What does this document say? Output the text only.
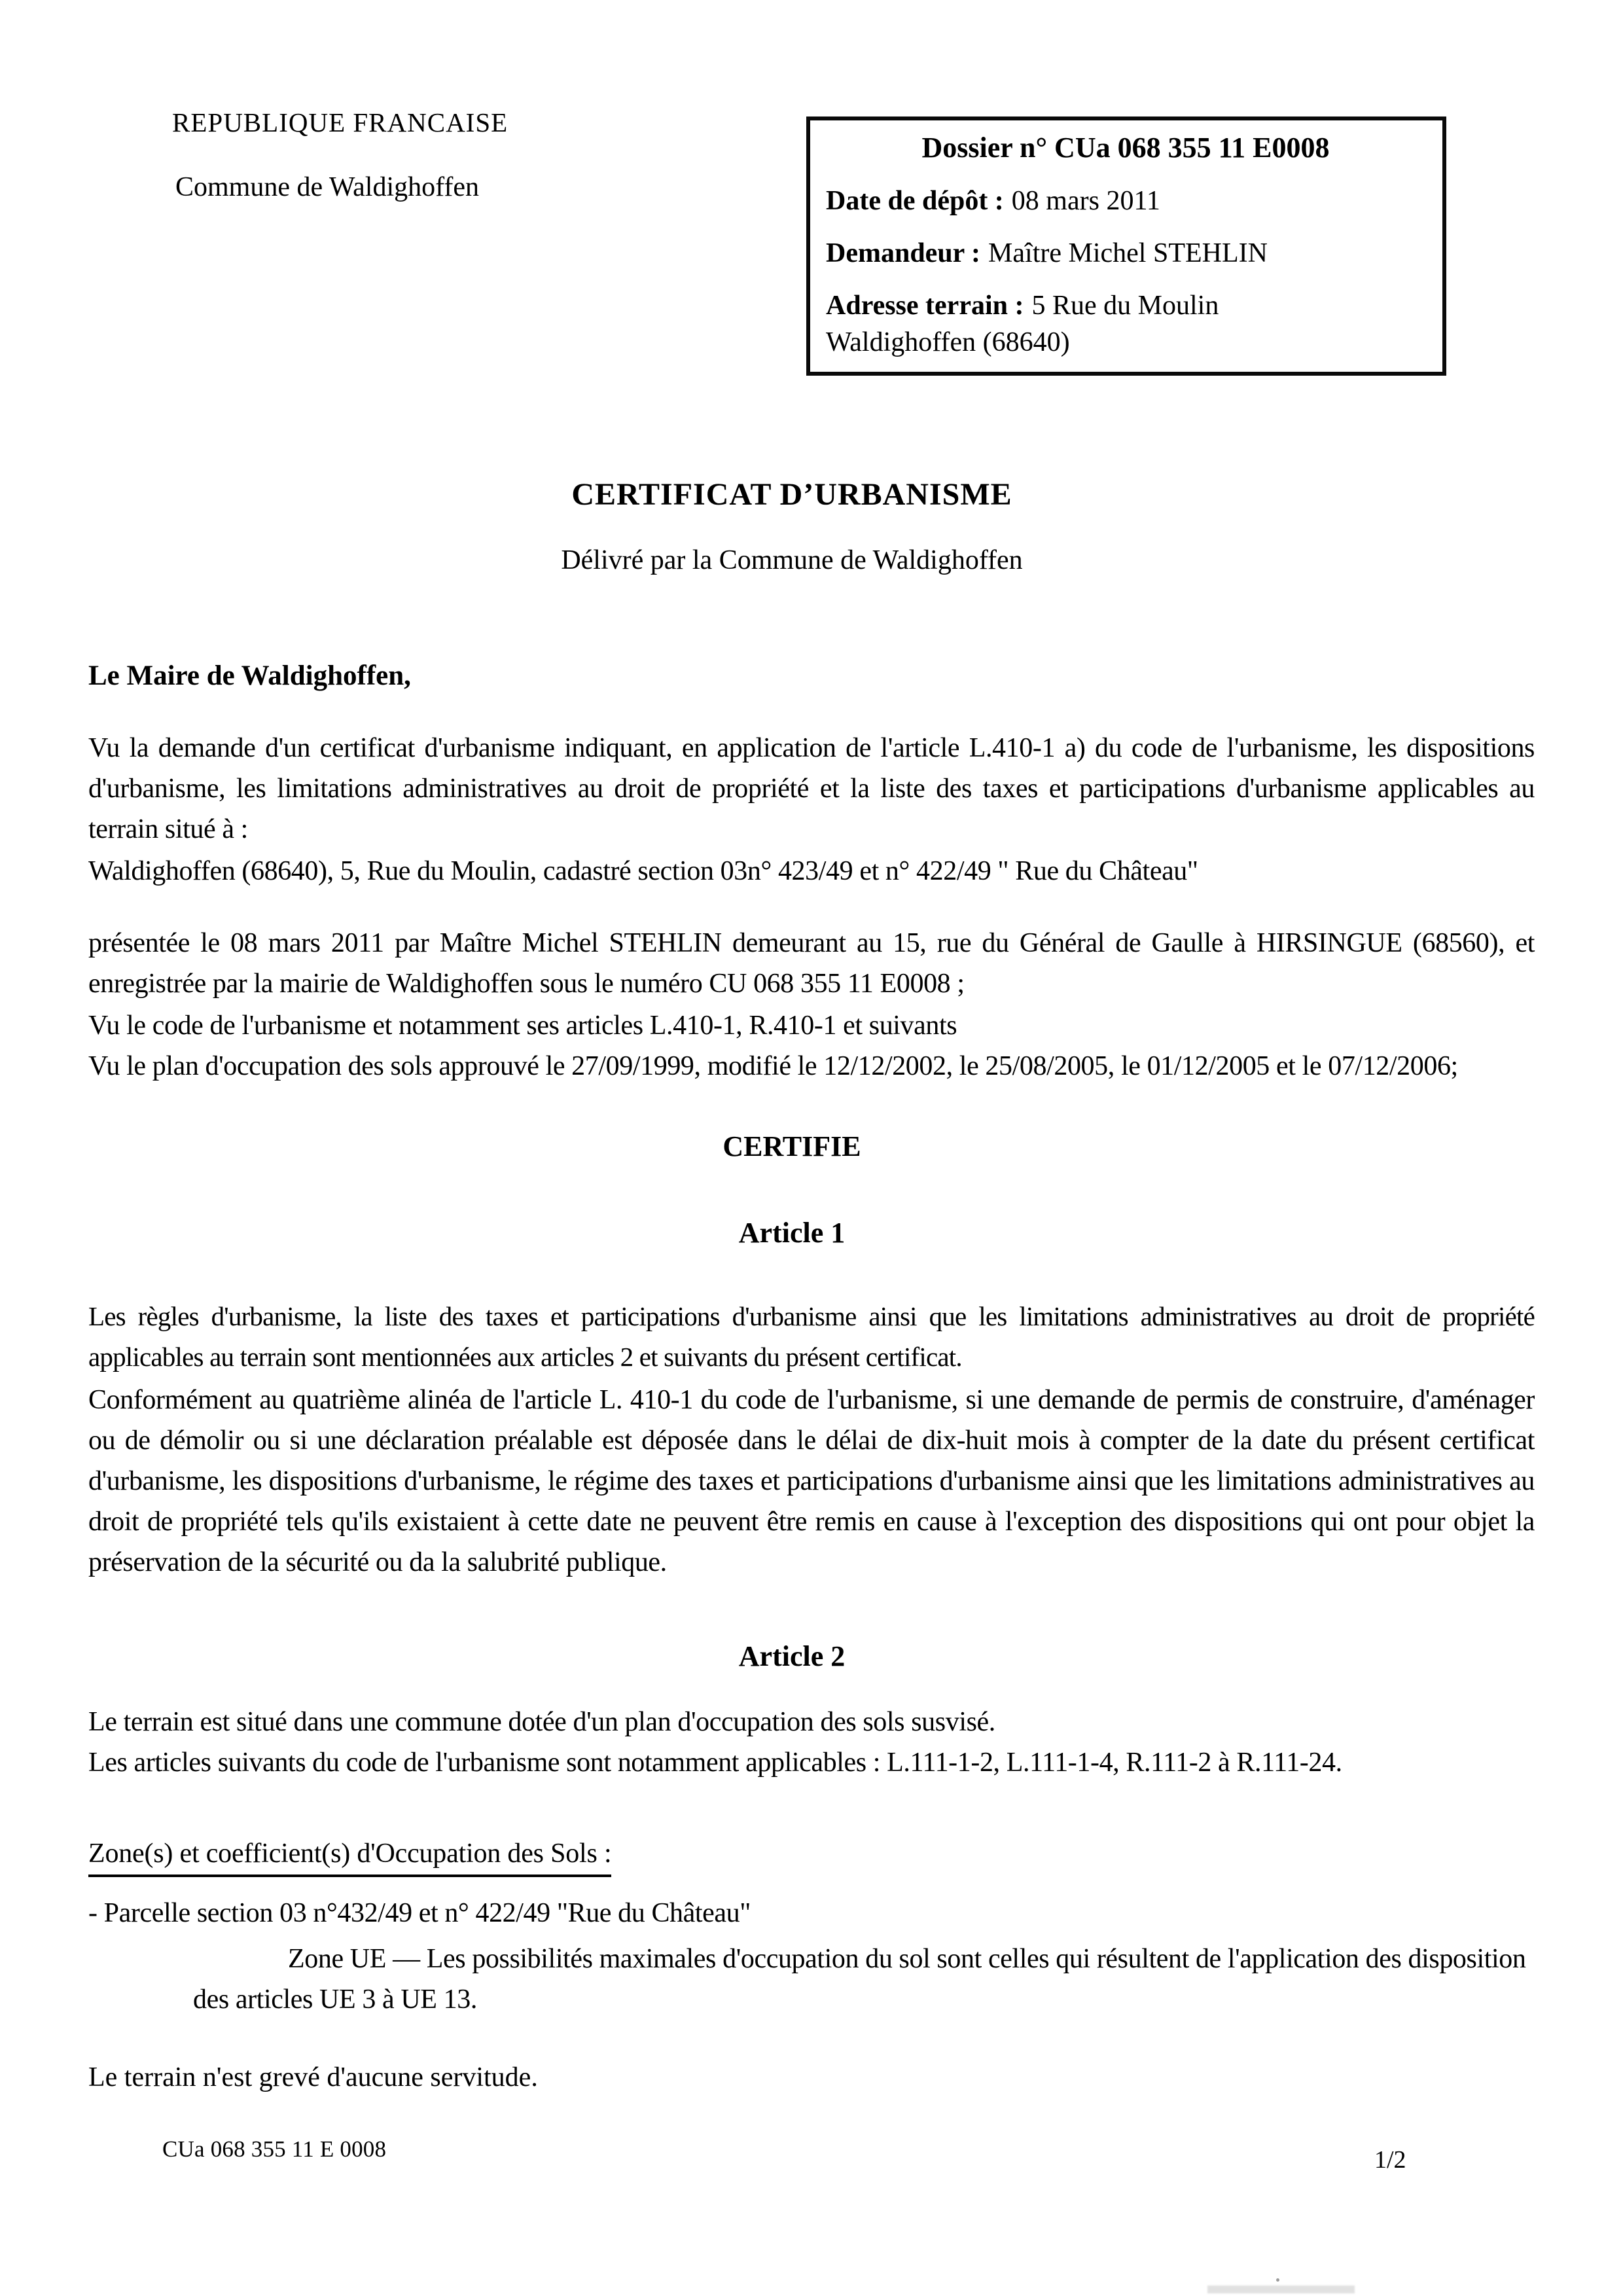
REPUBLIQUE FRANCAISE
Commune de Waldighoffen
Dossier n° CUa 068 355 11 E0008
Date de dépôt : 08 mars 2011
Demandeur : Maître Michel STEHLIN
Adresse terrain : 5 Rue du Moulin
Waldighoffen (68640)
CERTIFICAT D’URBANISME
Délivré par la Commune de Waldighoffen
Le Maire de Waldighoffen,
Vu la demande d'un certificat d'urbanisme indiquant, en application de l'article L.410-1 a) du code de l'urbanisme, les dispositions d'urbanisme, les limitations administratives au droit de propriété et la liste des taxes et participations d'urbanisme applicables au terrain situé à :
Waldighoffen (68640), 5, Rue du Moulin, cadastré section 03n° 423/49 et n° 422/49 " Rue du Château"
présentée le 08 mars 2011 par Maître Michel STEHLIN demeurant au 15, rue du Général de Gaulle à HIRSINGUE (68560), et enregistrée par la mairie de Waldighoffen sous le numéro CU 068 355 11 E0008 ;

Vu le code de l'urbanisme et notamment ses articles L.410-1, R.410-1 et suivants

Vu le plan d'occupation des sols approuvé le 27/09/1999, modifié le 12/12/2002, le 25/08/2005, le 01/12/2005 et le 07/12/2006;

CERTIFIE
Article 1
Les règles d'urbanisme, la liste des taxes et participations d'urbanisme ainsi que les limitations administratives au droit de propriété applicables au terrain sont mentionnées aux articles 2 et suivants du présent certificat.
Conformément au quatrième alinéa de l'article L. 410-1 du code de l'urbanisme, si une demande de permis de construire, d'aménager ou de démolir ou si une déclaration préalable est déposée dans le délai de dix-huit mois à compter de la date du présent certificat d'urbanisme, les dispositions d'urbanisme, le régime des taxes et participations d'urbanisme ainsi que les limitations administratives au droit de propriété tels qu'ils existaient à cette date ne peuvent être remis en cause à l'exception des dispositions qui ont pour objet la préservation de la sécurité ou da la salubrité publique.
Article 2
Le terrain est situé dans une commune dotée d'un plan d'occupation des sols susvisé.
Les articles suivants du code de l'urbanisme sont notamment applicables : L.111-1-2, L.111-1-4, R.111-2 à R.111-24.
Zone(s) et coefficient(s) d'Occupation des Sols :
- Parcelle section 03 n°432/49 et n° 422/49 "Rue du Château"
Zone UE — Les possibilités maximales d'occupation du sol sont celles qui résultent de l'application des disposition des articles UE 3 à UE 13.
Le terrain n'est grevé d'aucune servitude.
CUa 068 355 11 E 0008	1/2
